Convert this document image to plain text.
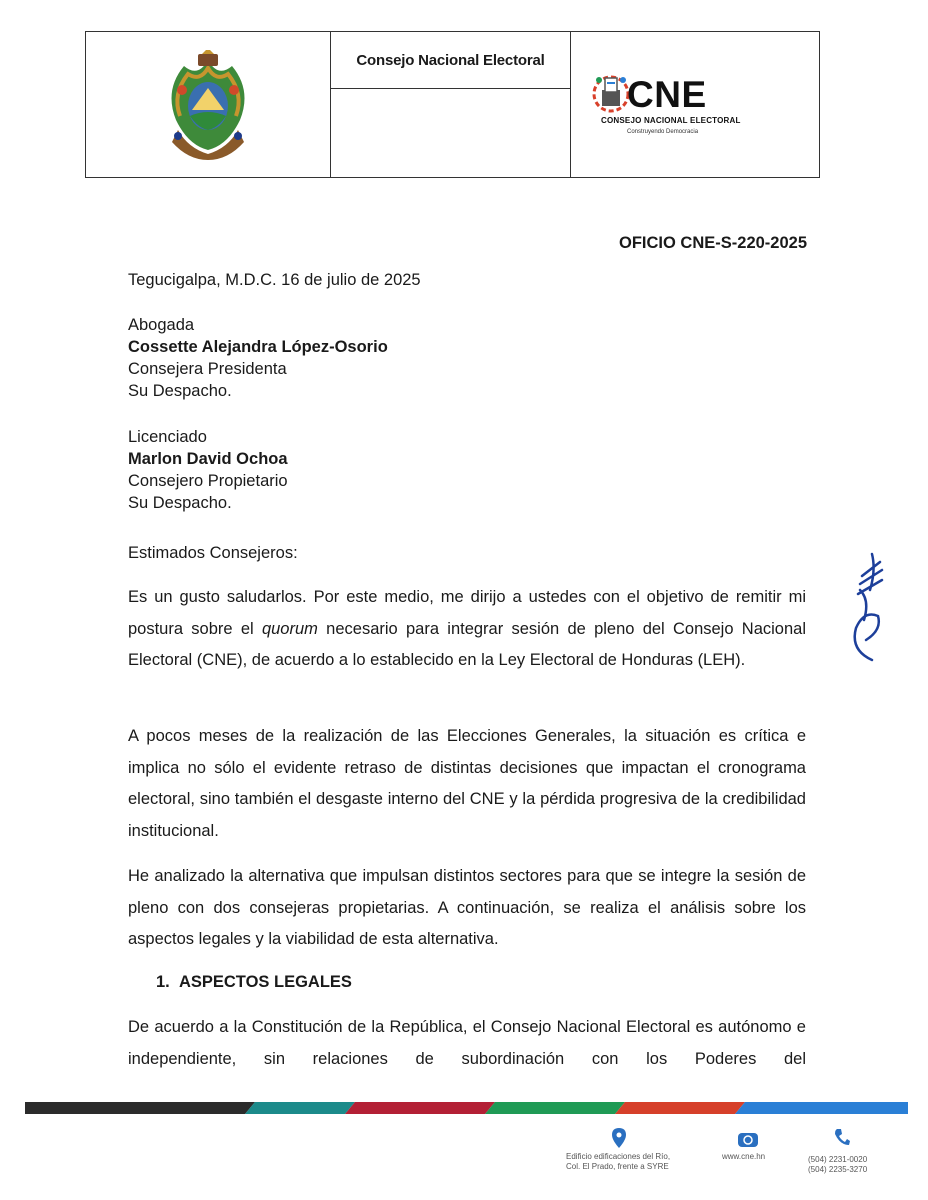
Consejo Nacional Electoral
CNE
CONSEJO NACIONAL ELECTORAL
Construyendo Democracia
OFICIO CNE-S-220-2025
Tegucigalpa, M.D.C. 16 de julio de 2025
Abogada
Cossette Alejandra López-Osorio
Consejera Presidenta
Su Despacho.
Licenciado
Marlon David Ochoa
Consejero Propietario
Su Despacho.
Estimados Consejeros:
Es un gusto saludarlos. Por este medio, me dirijo a ustedes con el objetivo de remitir mi postura sobre el quorum necesario para integrar sesión de pleno del Consejo Nacional Electoral (CNE), de acuerdo a lo establecido en la Ley Electoral de Honduras (LEH).
A pocos meses de la realización de las Elecciones Generales, la situación es crítica e implica no sólo el evidente retraso de distintas decisiones que impactan el cronograma electoral, sino también el desgaste interno del CNE y la pérdida progresiva de la credibilidad institucional.
He analizado la alternativa que impulsan distintos sectores para que se integre la sesión de pleno con dos consejeras propietarias. A continuación, se realiza el análisis sobre los aspectos legales y la viabilidad de esta alternativa.
1. ASPECTOS LEGALES
De acuerdo a la Constitución de la República, el Consejo Nacional Electoral es autónomo e independiente, sin relaciones de subordinación con los Poderes del
Edificio edificaciones del Río,
Col. El Prado, frente a SYRE
www.cne.hn	(504) 2231-0020
(504) 2235-3270
